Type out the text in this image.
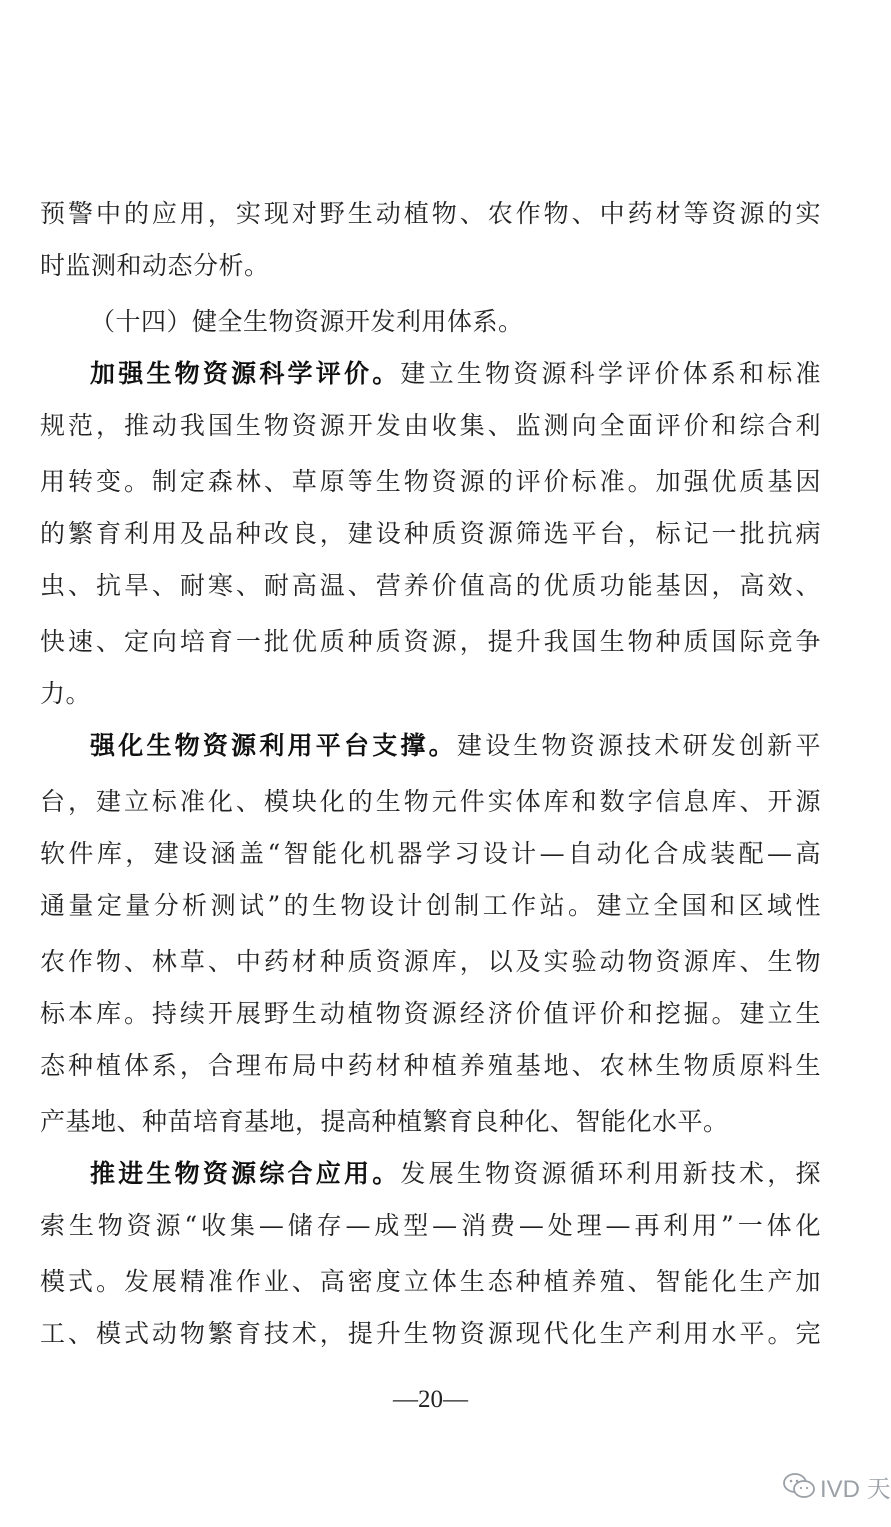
预警中的应用，实现对野生动植物、农作物、中药材等资源的实
时监测和动态分析。
（十四）健全生物资源开发利用体系。
加强生物资源科学评价。建立生物资源科学评价体系和标准
规范，推动我国生物资源开发由收集、监测向全面评价和综合利
用转变。制定森林、草原等生物资源的评价标准。加强优质基因
的繁育利用及品种改良，建设种质资源筛选平台，标记一批抗病
虫、抗旱、耐寒、耐高温、营养价值高的优质功能基因，高效、
快速、定向培育一批优质种质资源，提升我国生物种质国际竞争
力。
强化生物资源利用平台支撑。建设生物资源技术研发创新平
台，建立标准化、模块化的生物元件实体库和数字信息库、开源
软件库，建设涵盖“智能化机器学习设计—自动化合成装配—高
通量定量分析测试”的生物设计创制工作站。建立全国和区域性
农作物、林草、中药材种质资源库，以及实验动物资源库、生物
标本库。持续开展野生动植物资源经济价值评价和挖掘。建立生
态种植体系，合理布局中药材种植养殖基地、农林生物质原料生
产基地、种苗培育基地，提高种植繁育良种化、智能化水平。
推进生物资源综合应用。发展生物资源循环利用新技术，探
索生物资源“收集—储存—成型—消费—处理—再利用”一体化
模式。发展精准作业、高密度立体生态种植养殖、智能化生产加
工、模式动物繁育技术，提升生物资源现代化生产利用水平。完
—20—
IVD 天
